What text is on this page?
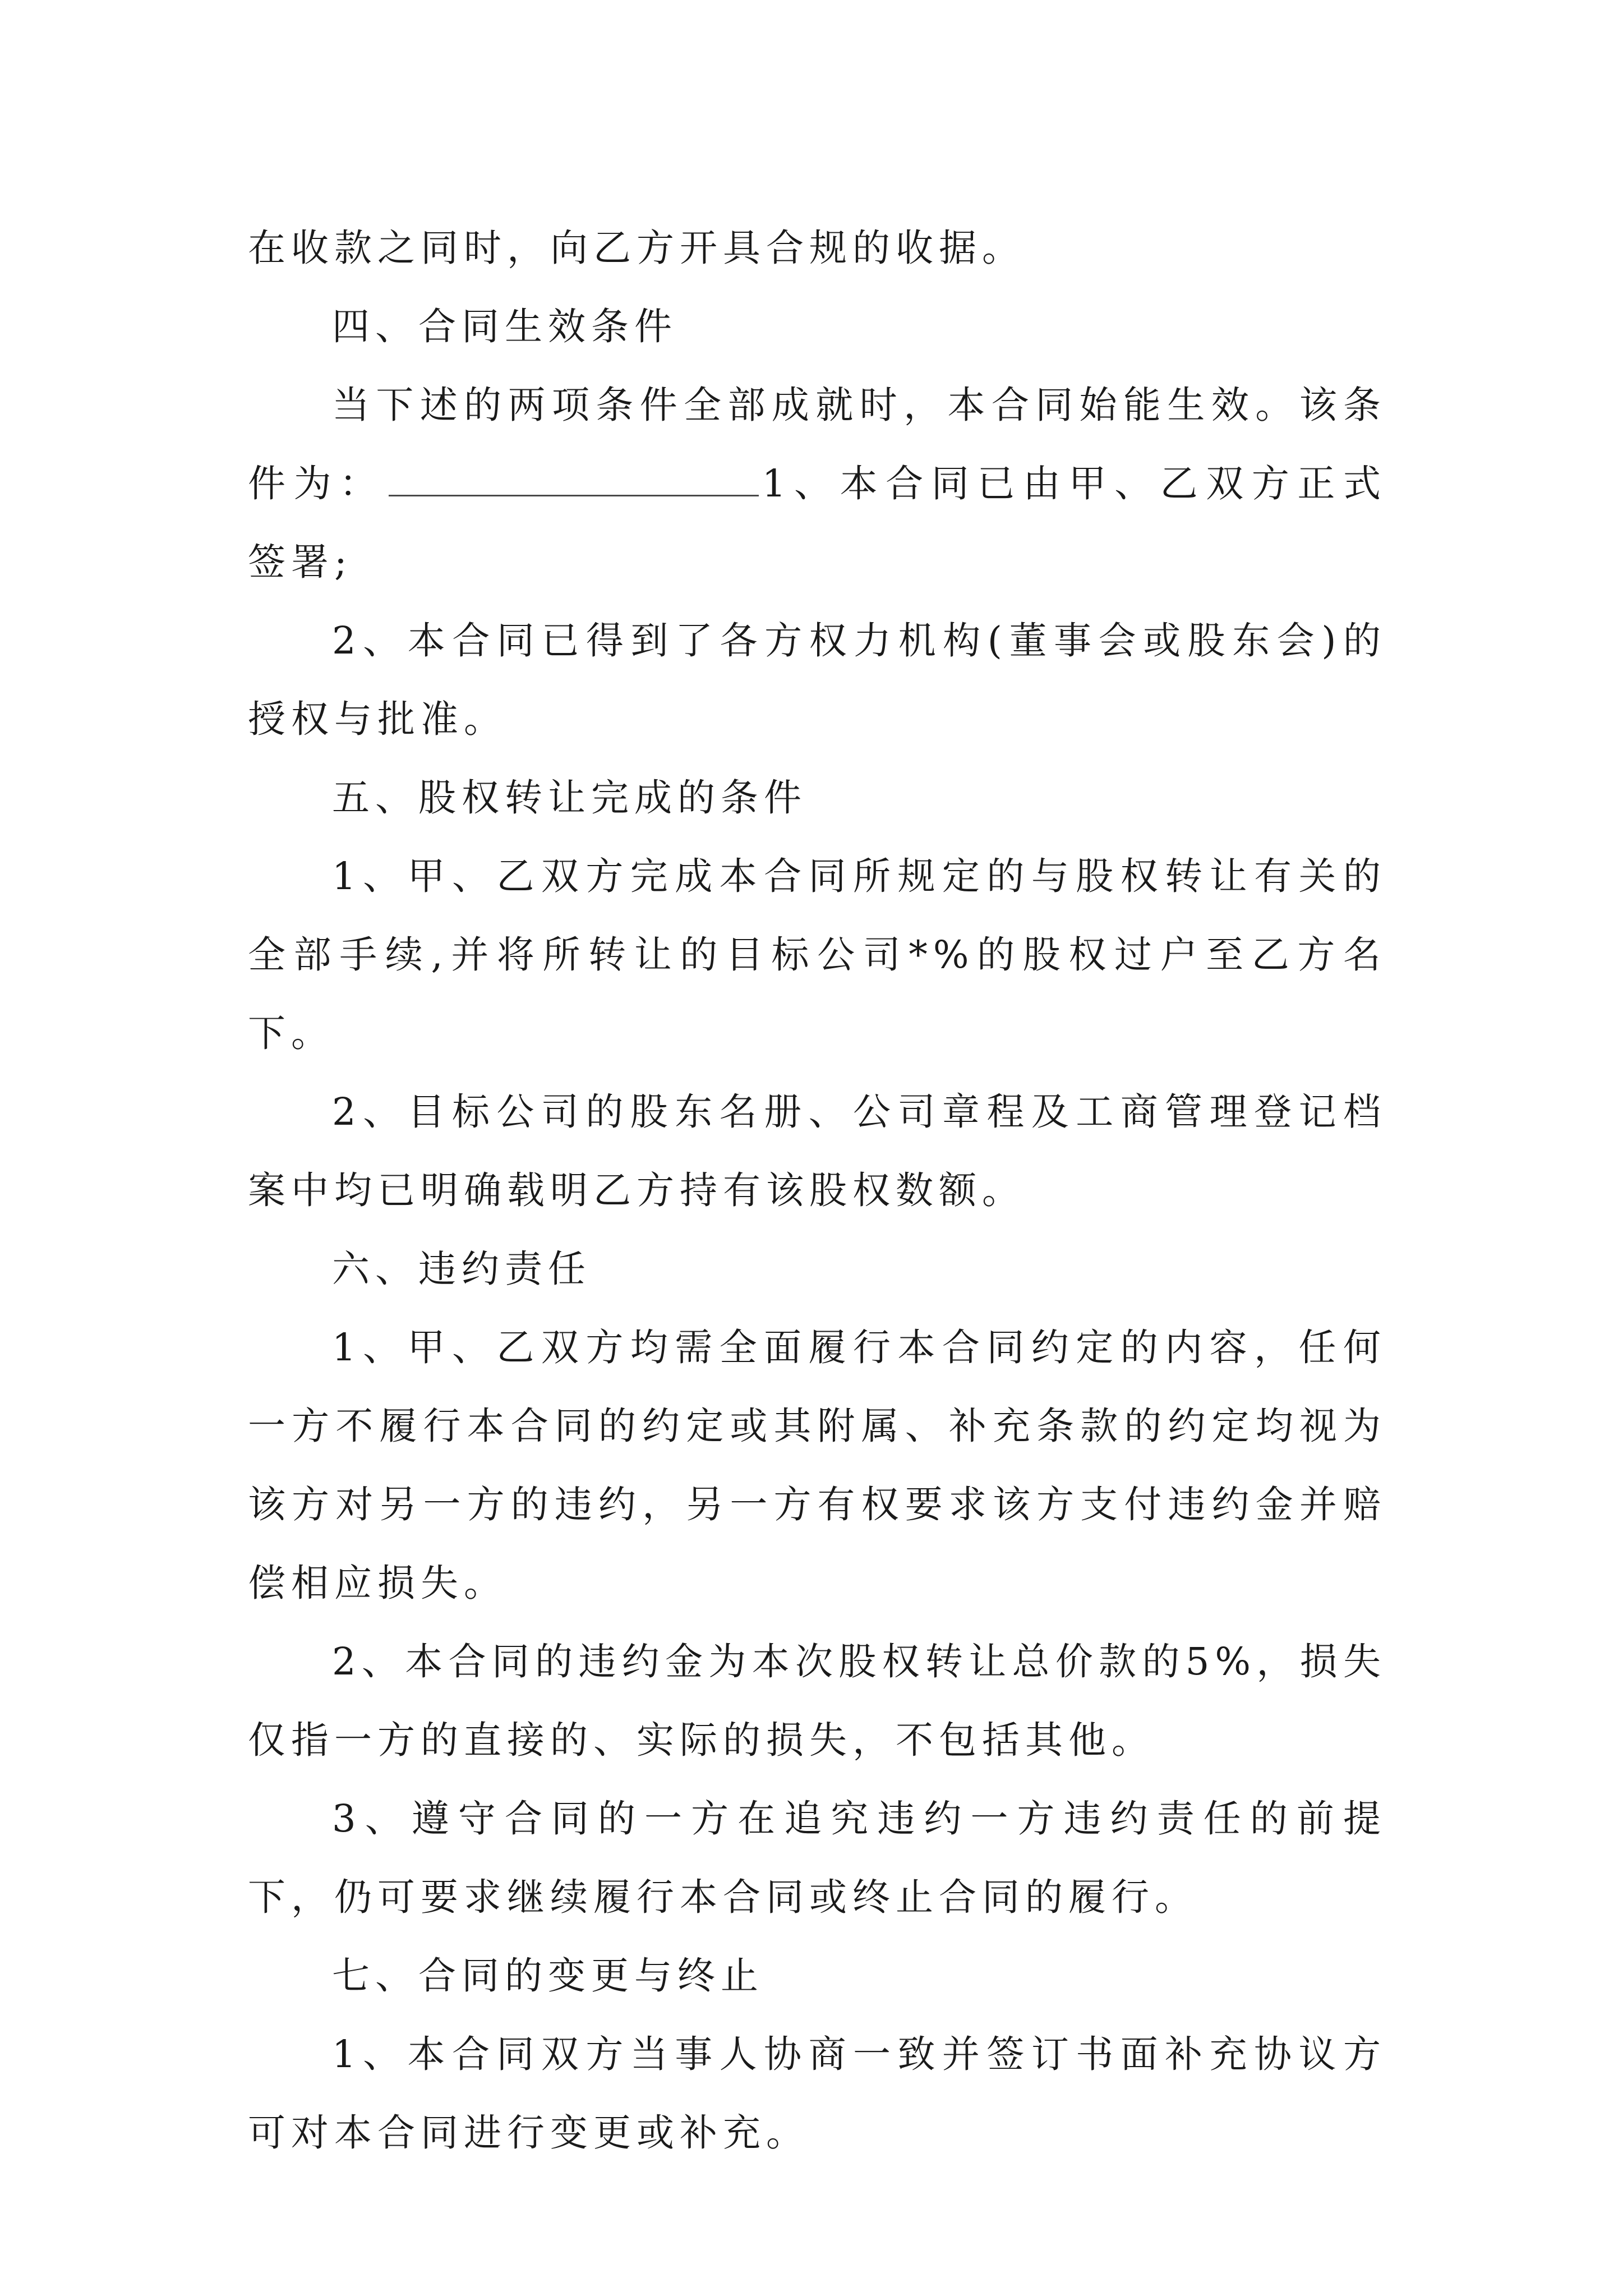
在收款之同时，向乙方开具合规的收据。

四、合同生效条件

当下述的两项条件全部成就时，本合同始能生效。该条件为：	1、本合同已由甲、乙双方正式签署;

2、本合同已得到了各方权力机构(董事会或股东会)的授权与批准。

五、股权转让完成的条件

1、甲、乙双方完成本合同所规定的与股权转让有关的全部手续,并将所转让的目标公司*%的股权过户至乙方名下。

2、目标公司的股东名册、公司章程及工商管理登记档案中均已明确载明乙方持有该股权数额。

六、违约责任

1、甲、乙双方均需全面履行本合同约定的内容，任何一方不履行本合同的约定或其附属、补充条款的约定均视为该方对另一方的违约，另一方有权要求该方支付违约金并赔偿相应损失。

2、本合同的违约金为本次股权转让总价款的5%，损失仅指一方的直接的、实际的损失，不包括其他。

3、遵守合同的一方在追究违约一方违约责任的前提下，仍可要求继续履行本合同或终止合同的履行。

七、合同的变更与终止

1、本合同双方当事人协商一致并签订书面补充协议方可对本合同进行变更或补充。
